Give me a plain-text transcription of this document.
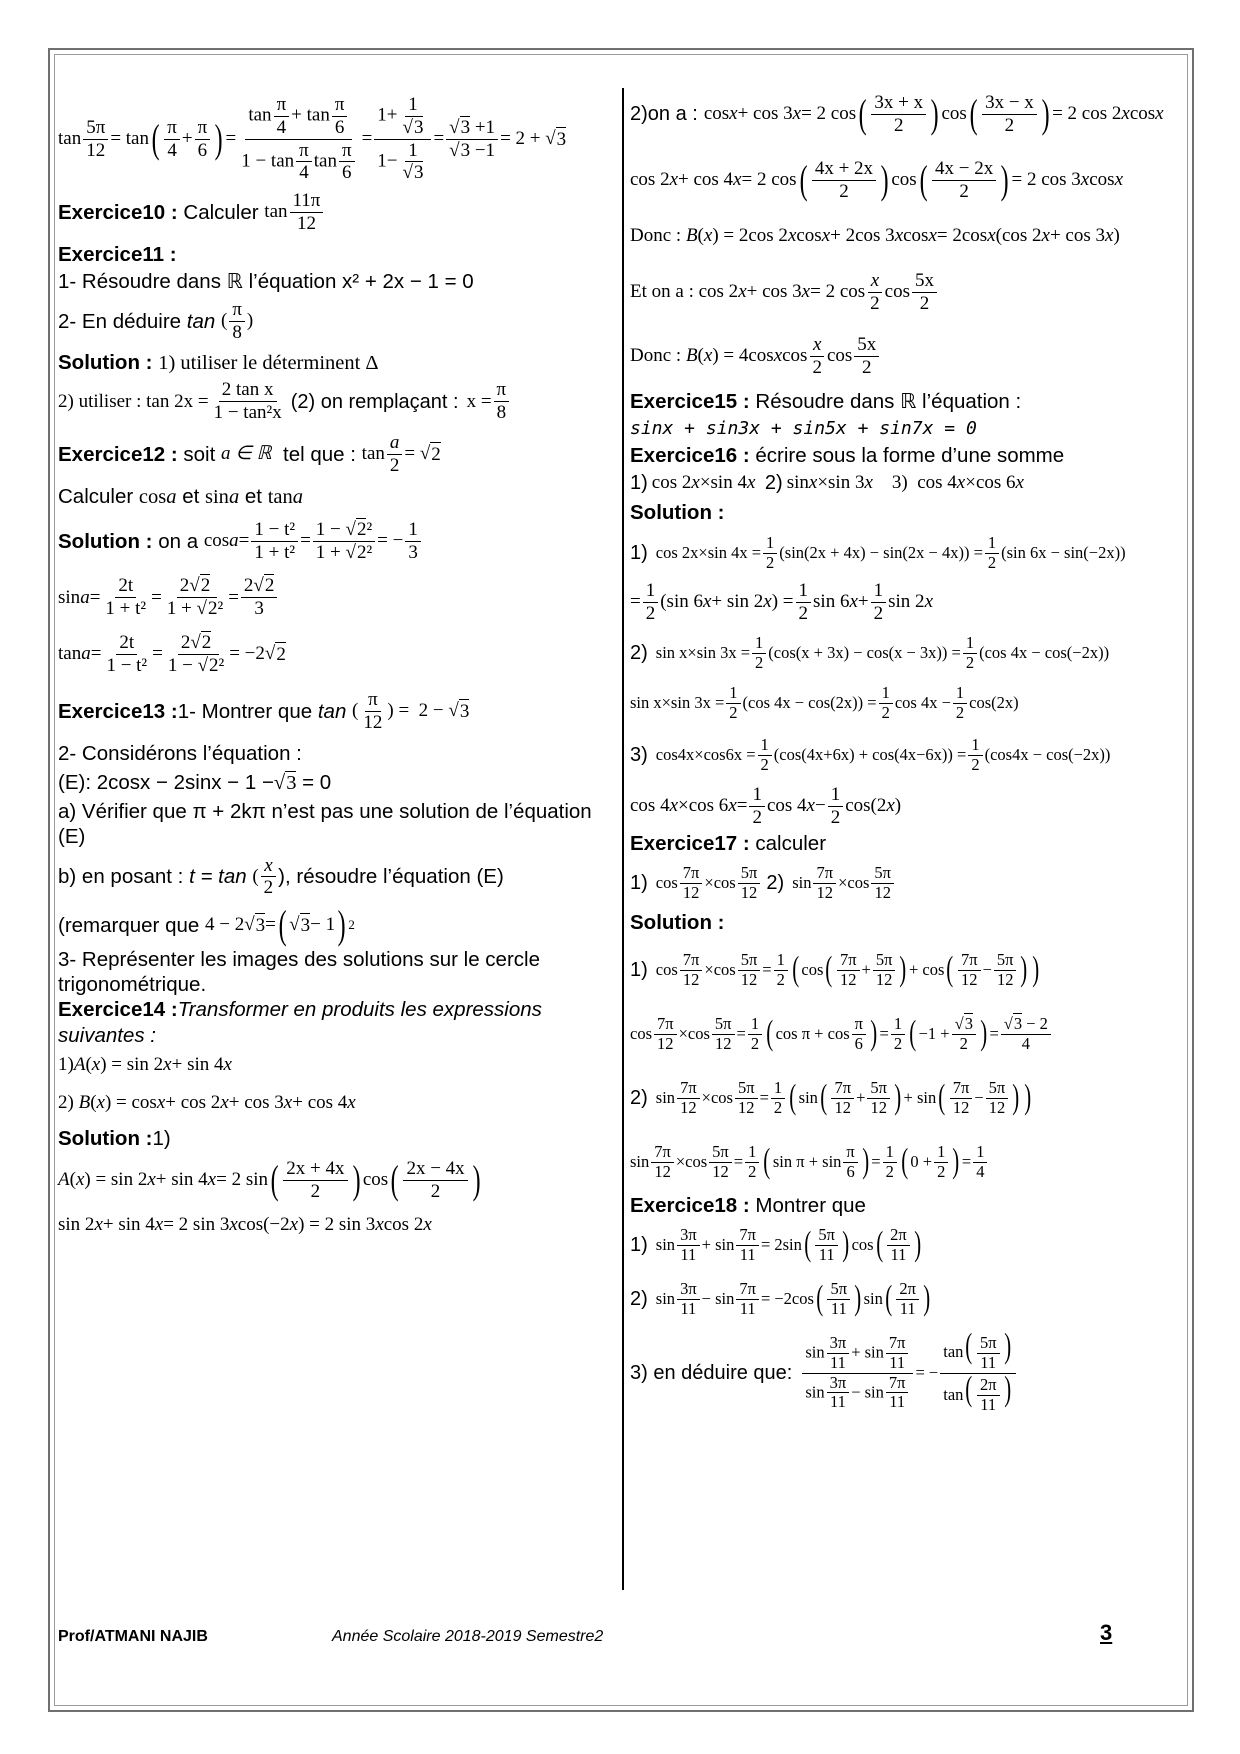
$\tan \frac{5\pi}{12} = \tan$ ( $\frac{\pi}{4} + \frac{\pi}{6}$ ) = $\frac{\tan \frac{\pi}{4} + \tan \frac{\pi}{6}}{1 - \tan \frac{\pi}{4} \tan \frac{\pi}{6}} = \frac{1+ \frac{1}{√3}}{1- \frac{1}{√3}} = \frac{√3 +1}{√3 -1} = 2$ + √ 3
Exercice10 :
Calculer
$\tan \frac{11\pi}{12}$
Exercice11 :
1- Résoudre dans ℝ l’équation x² + 2x − 1 = 0
2- En déduire
tan
( $\frac{\pi}{8}$ )
Solution : 1) utiliser le déterminent Δ
2) utiliser : $\tan 2x = \frac{\text{2 tan x}}{\text{1 − tan²x}} (2)$ on remplaçant : $x = \frac{\pi}{8}$
Exercice12 :
soit
a ∈ ℝ
tel que :
$\tan \frac{a}{2}$ = √ 2
Calculer cosa et sina et tana
Solution :
on a
$\cos a = \frac{\text{1 − t²}}{\text{1 + t²}} = \frac{\text{1 − √2²}}{\text{1 + √2²}}$ = − $\frac{1}{3}$
$\sin a = \frac{2t}{\text{1 + t²}} = \frac{2√2}{\text{1 + √2²}} = \frac{2√2}{3}$
$\tan a = \frac{2t}{\text{1 − t²}} = \frac{2√2}{\text{1 − √2²}} = -2√$ 2
Exercice13 : 1- Montrer que
tan
( $\frac{\pi}{12}$ ) =  2 − √ 3
2- Considérons l’équation :
(E): 2cosx − 2sinx − 1 −√3 = 0
a) Vérifier que π + 2kπ n’est pas une solution de l’équation (E)
b) en posant :
t = tan
( $\frac{x}{2}$ ), résoudre l’équation (E)
(remarquer que
4 − 2√ 3 = ( √ 3 − 1 ) 2
3- Représenter les images des solutions sur le cercle trigonométrique.
Exercice14 :Transformer en produits les expressions suivantes :
1) A ( x ) = sin 2 x + sin 4 x
2) B ( x ) = cos x + cos 2 x + cos 3 x + cos 4 x
Solution :1)
A ( x ) = sin 2 x + sin 4 x = 2 sin ( $\frac{2x + 4x}{2}$ ) cos ( $\frac{2x - 4x}{2}$ )
sin 2 x + sin 4 x = 2 sin 3 x cos(−2 x ) = 2 sin 3 x cos 2 x
2)on a : cos x + cos 3 x = 2 cos ( $\frac{3x + x}{2}$ ) cos ( $\frac{3x - x}{2}$ ) = 2 cos 2 x cos x
cos 2 x + cos 4 x = 2 cos ( $\frac{4x + 2x}{2}$ ) cos ( $\frac{4x - 2x}{2}$ ) = 2 cos 3 x cos x
Donc :
B ( x ) = 2cos 2 x cos x + 2cos 3 x cos x = 2cos x (cos 2 x + cos 3 x )
Et on a : cos 2 x + cos 3 x = 2 $\cos \frac{x}{2}$ $\cos \frac{5x}{2}$
Donc :
B ( x ) = 4cos x $\cos \frac{x}{2}$ $\cos \frac{5x}{2}$
Exercice15 : Résoudre dans ℝ l’équation :
sinx + sin3x + sin5x + sin7x = 0
Exercice16 : écrire sous la forme d’une somme
1) cos 2 x ×sin 4 x
2) sin x ×sin 3 x 3)  cos 4 x ×cos 6 x
Solution :
1) cos 2x×sin $4x = \frac{1}{2} (\sin(2x + 4x) - \sin(2x - 4x)) = \frac{1}{2} (\sin$ 6x − sin(−2x))
= $\frac{1}{2} (\sin$ 6 x + sin 2 x ) = $\frac{1}{2}$ sin 6 $x + \frac{1}{2}$ sin 2 x
2) sin x×sin $3x = \frac{1}{2} (\cos(x + 3x) - \cos(x - 3x)) = \frac{1}{2} (\cos$ 4x − cos(−2x))
sin x×sin $3x = \frac{1}{2} (\cos$ $4x - \cos(2x)) = \frac{1}{2}$ $\cos 4x - \frac{1}{2} \cos(2x)$
3) $\cos 4x\times\cos 6x = \frac{1}{2} (\cos(4x+6x) + \cos(4x-6x)) = \frac{1}{2} (\cos 4x - \cos(-2x))$
cos 4 x ×cos 6 $x = \frac{1}{2}$ cos 4 $x - \frac{1}{2} \cos(2$ x )
Exercice17 : calculer
1) $\cos \frac{7\pi}{12} \times\cos \frac{5\pi}{12}$
2) $\sin \frac{7\pi}{12} \times\cos \frac{5\pi}{12}$
Solution :
1) $\cos \frac{7\pi}{12} \times\cos \frac{5\pi}{12} = \frac{1}{2}$ ( cos ( $\frac{7\pi}{12} + \frac{5\pi}{12}$ ) + cos ( $\frac{7\pi}{12} - \frac{5\pi}{12}$ ) )
$\cos \frac{7\pi}{12} \times\cos \frac{5\pi}{12} = \frac{1}{2}$ ( $\cos \pi + \cos \frac{\pi}{6}$ ) = $\frac{1}{2}$ ( $-1 + \frac{√3}{2}$ ) = $\frac{√3 - 2}{4}$
2) $\sin \frac{7\pi}{12} \times\cos \frac{5\pi}{12} = \frac{1}{2}$ ( sin ( $\frac{7\pi}{12} + \frac{5\pi}{12}$ ) + sin ( $\frac{7\pi}{12} - \frac{5\pi}{12}$ ) )
$\sin \frac{7\pi}{12} \times\cos \frac{5\pi}{12} = \frac{1}{2}$ ( $\sin \pi + \sin \frac{\pi}{6}$ ) = $\frac{1}{2}$ ( $0 + \frac{1}{2}$ ) = $\frac{1}{4}$
Exercice18 : Montrer que
1) $\sin \frac{3\pi}{11} + \sin \frac{7\pi}{11} = 2\sin$ ( $\frac{5\pi}{11}$ ) cos ( $\frac{2\pi}{11}$ )
2) $\sin \frac{3\pi}{11} - \sin \frac{7\pi}{11} = -2\cos$ ( $\frac{5\pi}{11}$ ) sin ( $\frac{2\pi}{11}$ )
3) en déduire que: $\frac{\sin \frac{3\pi}{11} + \sin \frac{7\pi}{11}}{\sin \frac{3\pi}{11} - \sin \frac{7\pi}{11}}$ = − $\frac{\tan( \frac{5\pi}{11} )}{\tan( \frac{2\pi}{11} )}$
Prof/ATMANI NAJIB	Année Scolaire 2018-2019 Semestre2	3
